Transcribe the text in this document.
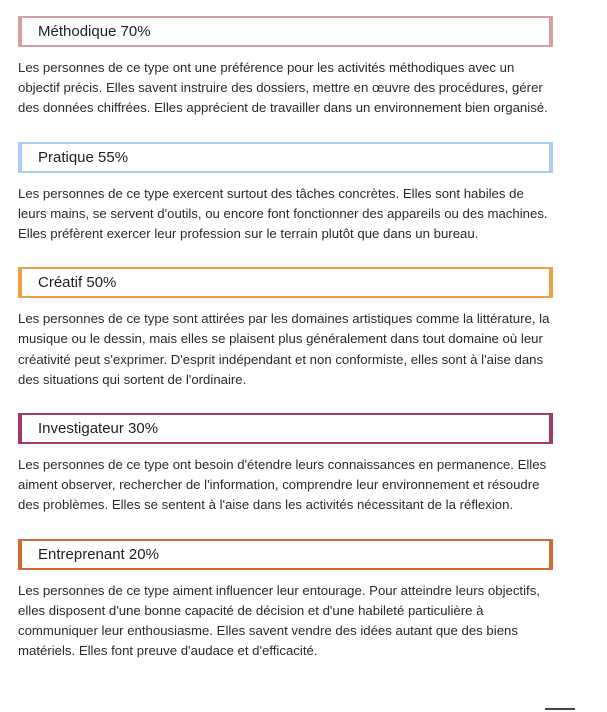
Méthodique 70%

Les personnes de ce type ont une préférence pour les activités méthodiques avec un objectif précis. Elles savent instruire des dossiers, mettre en œuvre des procédures, gérer des données chiffrées. Elles apprécient de travailler dans un environnement bien organisé.

Pratique 55%

Les personnes de ce type exercent surtout des tâches concrètes. Elles sont habiles de leurs mains, se servent d'outils, ou encore font fonctionner des appareils ou des machines. Elles préfèrent exercer leur profession sur le terrain plutôt que dans un bureau.

Créatif 50%

Les personnes de ce type sont attirées par les domaines artistiques comme la littérature, la musique ou le dessin, mais elles se plaisent plus généralement dans tout domaine où leur créativité peut s'exprimer. D'esprit indépendant et non conformiste, elles sont à l'aise dans des situations qui sortent de l'ordinaire.

Investigateur 30%

Les personnes de ce type ont besoin d'étendre leurs connaissances en permanence. Elles aiment observer, rechercher de l'information, comprendre leur environnement et résoudre des problèmes. Elles se sentent à l'aise dans les activités nécessitant de la réflexion.

Entreprenant 20%

Les personnes de ce type aiment influencer leur entourage. Pour atteindre leurs objectifs, elles disposent d'une bonne capacité de décision et d'une habileté particulière à communiquer leur enthousiasme. Elles savent vendre des idées autant que des biens matériels. Elles font preuve d'audace et d'efficacité.
